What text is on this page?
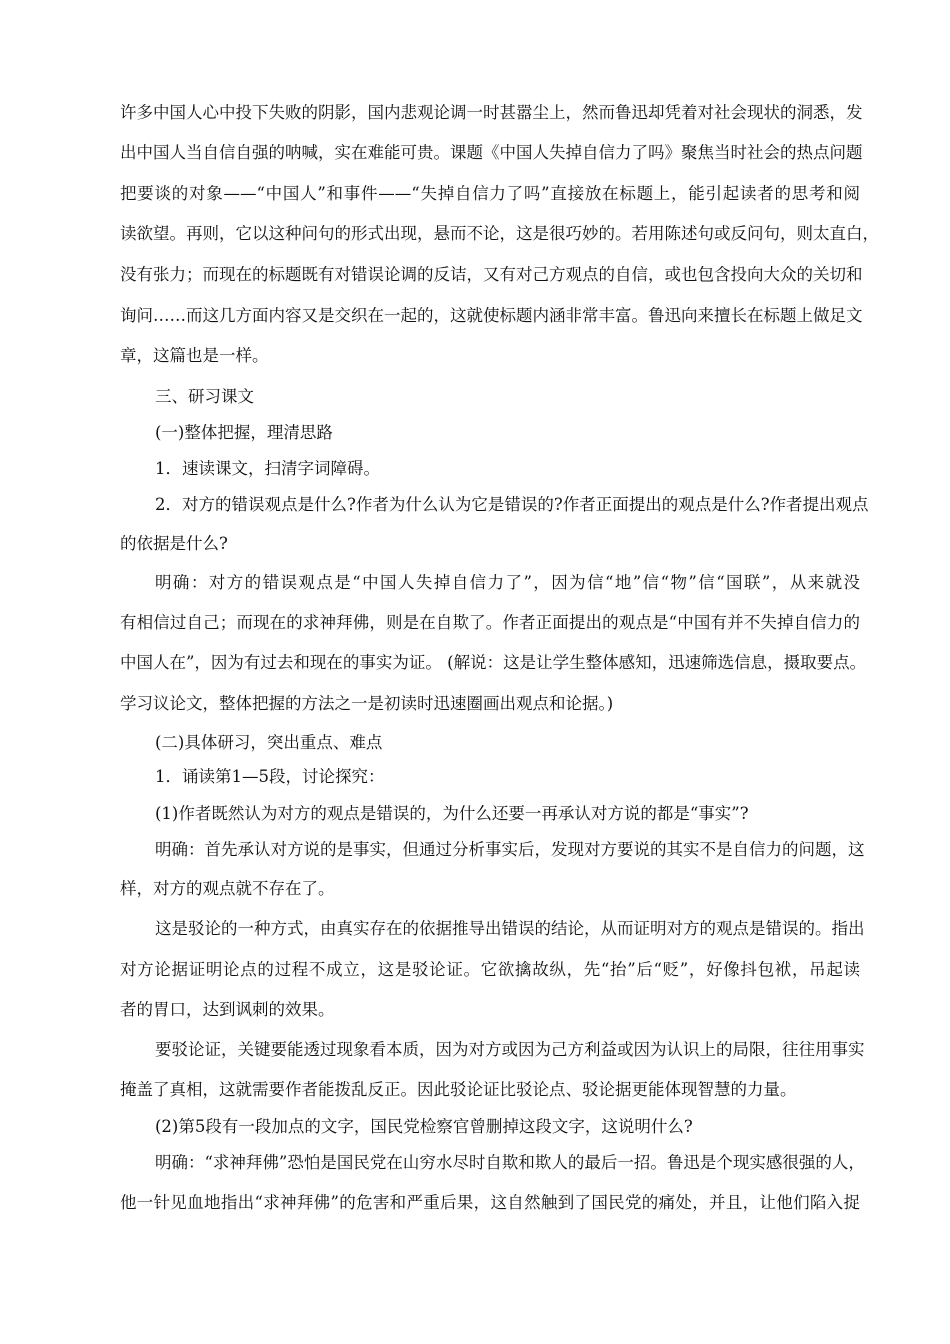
许多中国人心中投下失败的阴影，国内悲观论调一时甚嚣尘上，然而鲁迅却凭着对社会现状的洞悉，发
出中国人当自信自强的呐喊，实在难能可贵。课题《中国人失掉自信力了吗》聚焦当时社会的热点问题
把要谈的对象——“中国人”和事件——“失掉自信力了吗”直接放在标题上，能引起读者的思考和阅
读欲望。再则，它以这种问句的形式出现，悬而不论，这是很巧妙的。若用陈述句或反问句，则太直白，
没有张力；而现在的标题既有对错误论调的反诘，又有对己方观点的自信，或也包含投向大众的关切和
询问……而这几方面内容又是交织在一起的，这就使标题内涵非常丰富。鲁迅向来擅长在标题上做足文
章，这篇也是一样。
三、研习课文
(一)整体把握，理清思路
1．速读课文，扫清字词障碍。
2．对方的错误观点是什么?作者为什么认为它是错误的?作者正面提出的观点是什么?作者提出观点
的依据是什么?
明确：对方的错误观点是“中国人失掉自信力了”，因为信“地”信“物”信“国联”，从来就没
有相信过自己；而现在的求神拜佛，则是在自欺了。作者正面提出的观点是“中国有并不失掉自信力的
中国人在”，因为有过去和现在的事实为证。 (解说：这是让学生整体感知，迅速筛选信息，摄取要点。
学习议论文，整体把握的方法之一是初读时迅速圈画出观点和论据。)
(二)具体研习，突出重点、难点
1．诵读第1—5段，讨论探究：
(1)作者既然认为对方的观点是错误的，为什么还要一再承认对方说的都是“事实”?
明确：首先承认对方说的是事实，但通过分析事实后，发现对方要说的其实不是自信力的问题，这
样，对方的观点就不存在了。
这是驳论的一种方式，由真实存在的依据推导出错误的结论，从而证明对方的观点是错误的。指出
对方论据证明论点的过程不成立，这是驳论证。它欲擒故纵，先“抬”后“贬”，好像抖包袱，吊起读
者的胃口，达到讽刺的效果。
要驳论证，关键要能透过现象看本质，因为对方或因为己方利益或因为认识上的局限，往往用事实
掩盖了真相，这就需要作者能拨乱反正。因此驳论证比驳论点、驳论据更能体现智慧的力量。
(2)第5段有一段加点的文字，国民党检察官曾删掉这段文字，这说明什么?
明确：“求神拜佛”恐怕是国民党在山穷水尽时自欺和欺人的最后一招。鲁迅是个现实感很强的人，
他一针见血地指出“求神拜佛”的危害和严重后果，这自然触到了国民党的痛处，并且，让他们陷入捉
